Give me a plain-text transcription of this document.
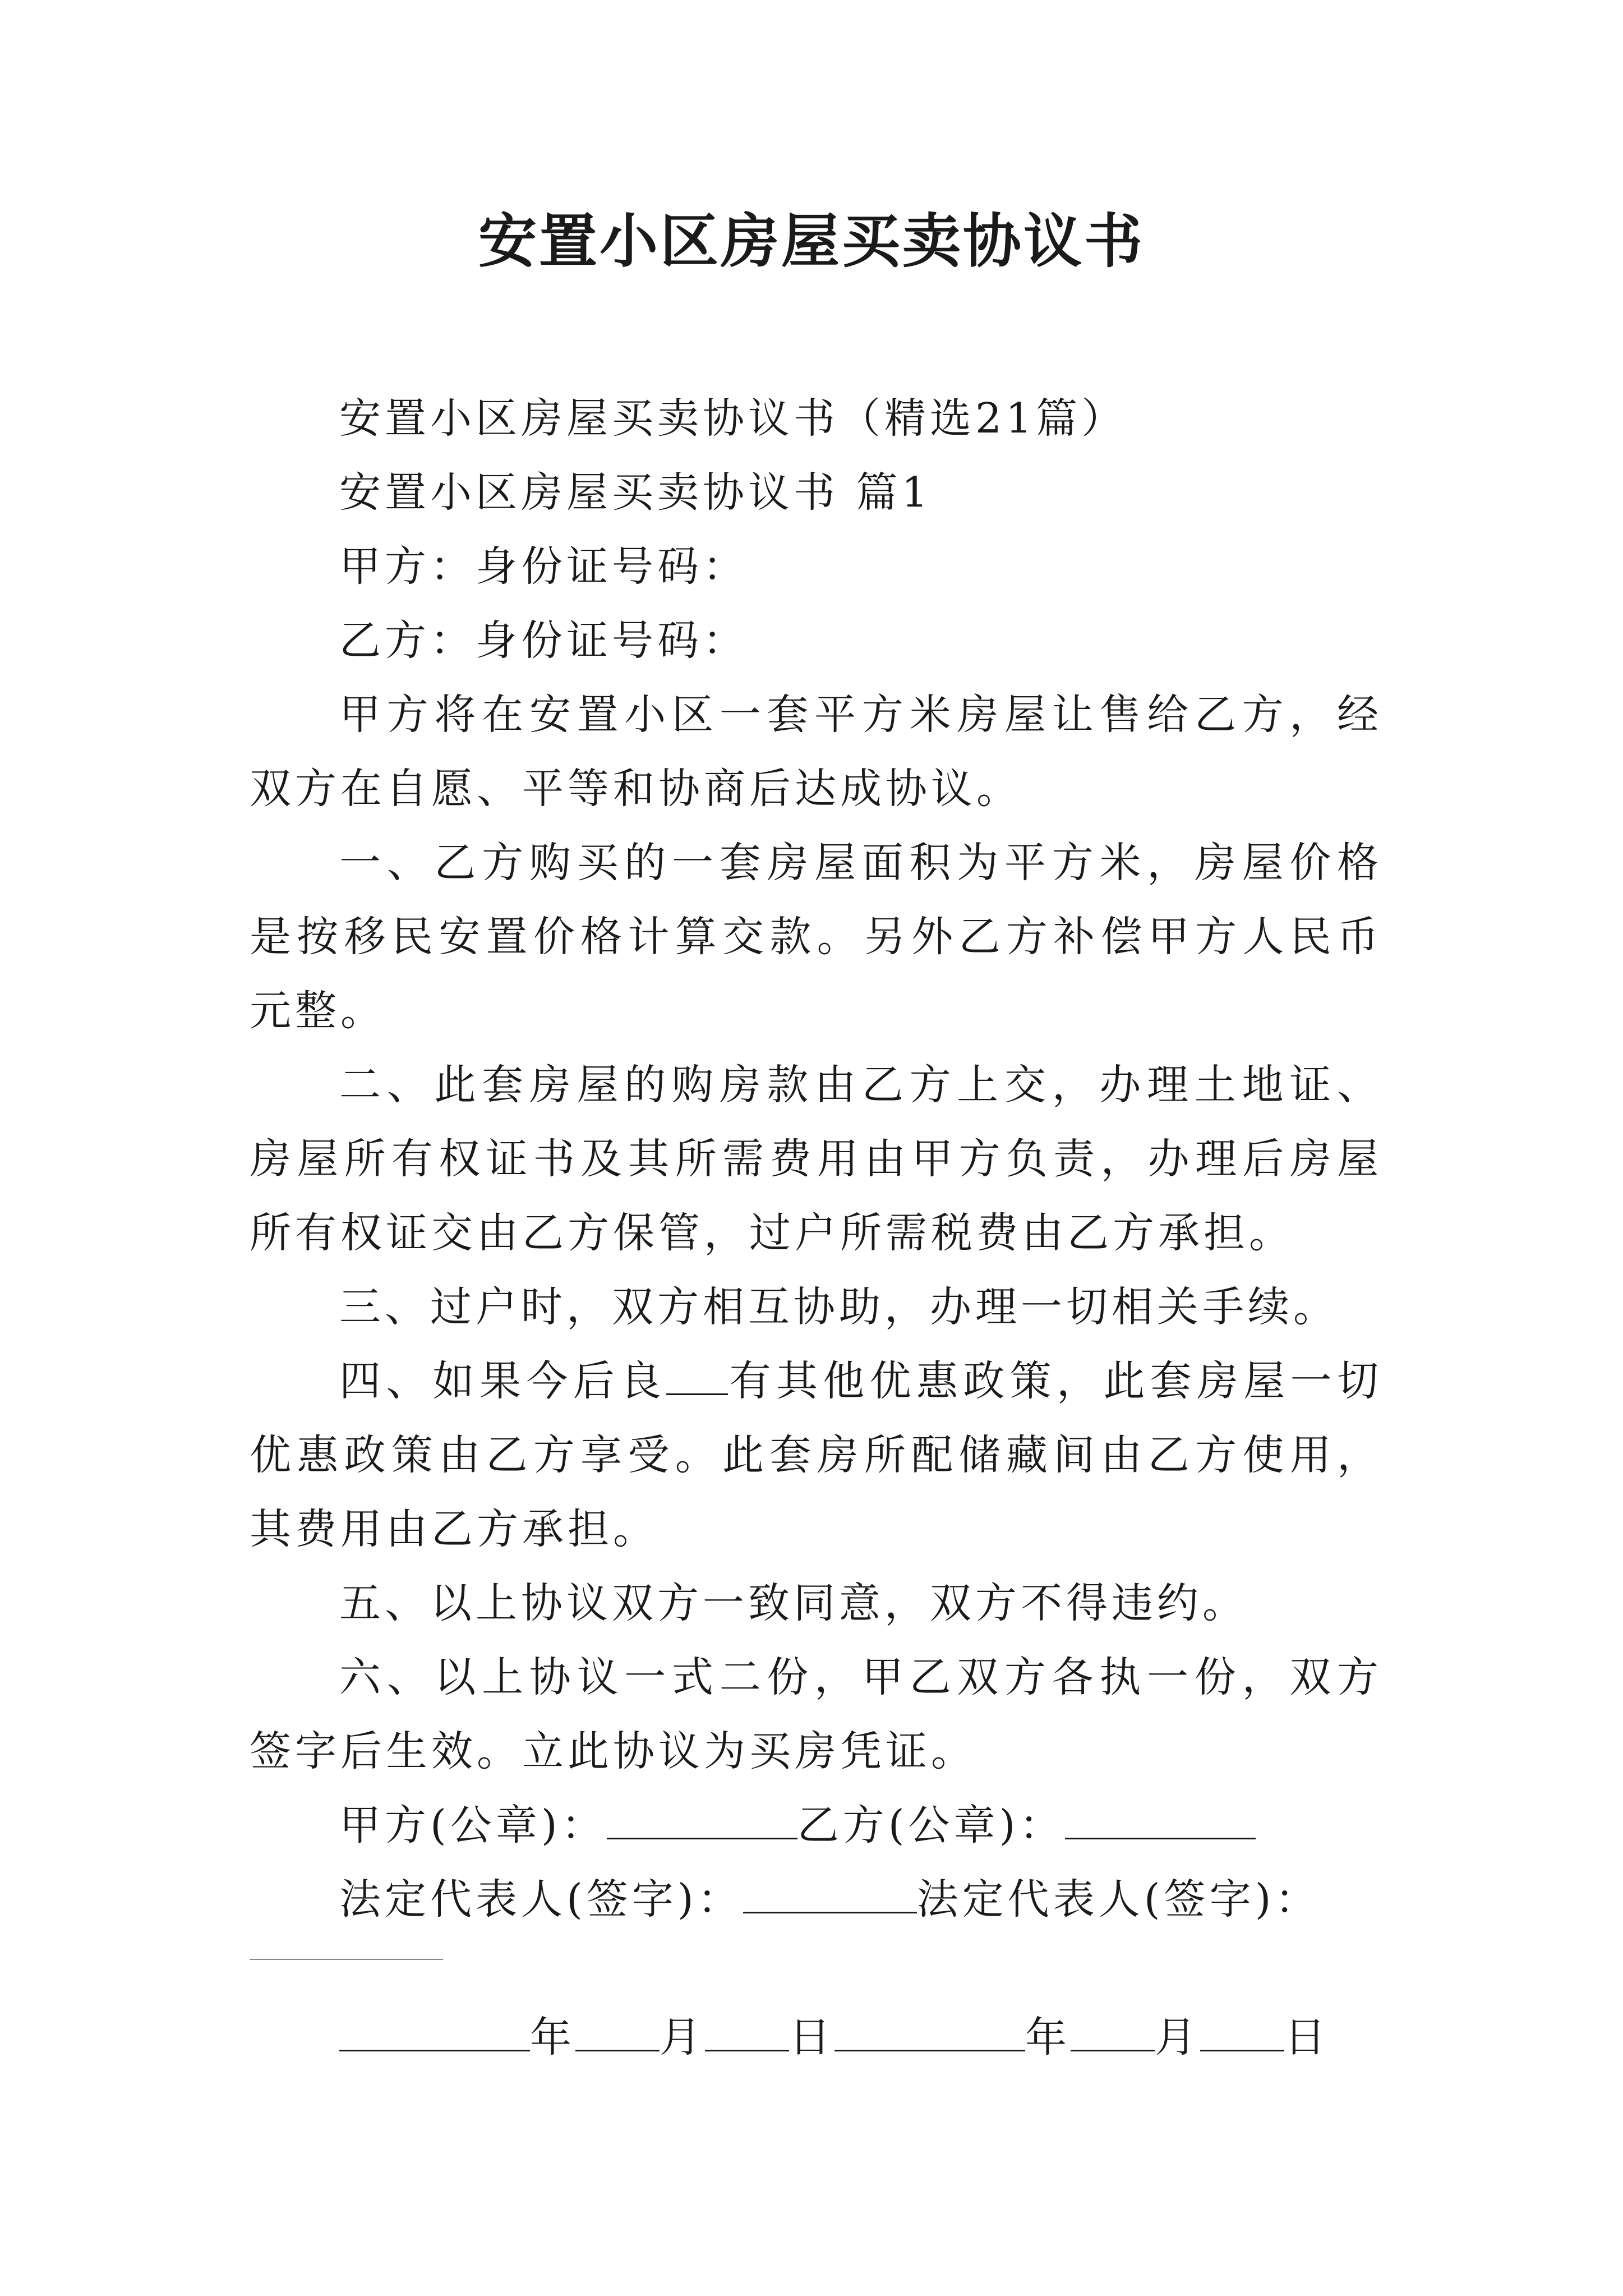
安置小区房屋买卖协议书

安置小区房屋买卖协议书（精选21篇）

安置小区房屋买卖协议书 篇1

甲方：身份证号码：

乙方：身份证号码：

甲方将在安置小区一套平方米房屋让售给乙方，经双方在自愿、平等和协商后达成协议。

一、乙方购买的一套房屋面积为平方米，房屋价格是按移民安置价格计算交款。另外乙方补偿甲方人民币元整。

二、此套房屋的购房款由乙方上交，办理土地证、房屋所有权证书及其所需费用由甲方负责，办理后房屋所有权证交由乙方保管，过户所需税费由乙方承担。

三、过户时，双方相互协助，办理一切相关手续。

四、如果今后良 有其他优惠政策，此套房屋一切优惠政策由乙方享受。此套房所配储藏间由乙方使用，其费用由乙方承担。

五、以上协议双方一致同意，双方不得违约。

六、以上协议一式二份，甲乙双方各执一份，双方签字后生效。立此协议为买房凭证。

甲方(公章)：	乙方(公章)：

法定代表人(签字)：	法定代表人(签字)：

年 月 日	年 月 日
